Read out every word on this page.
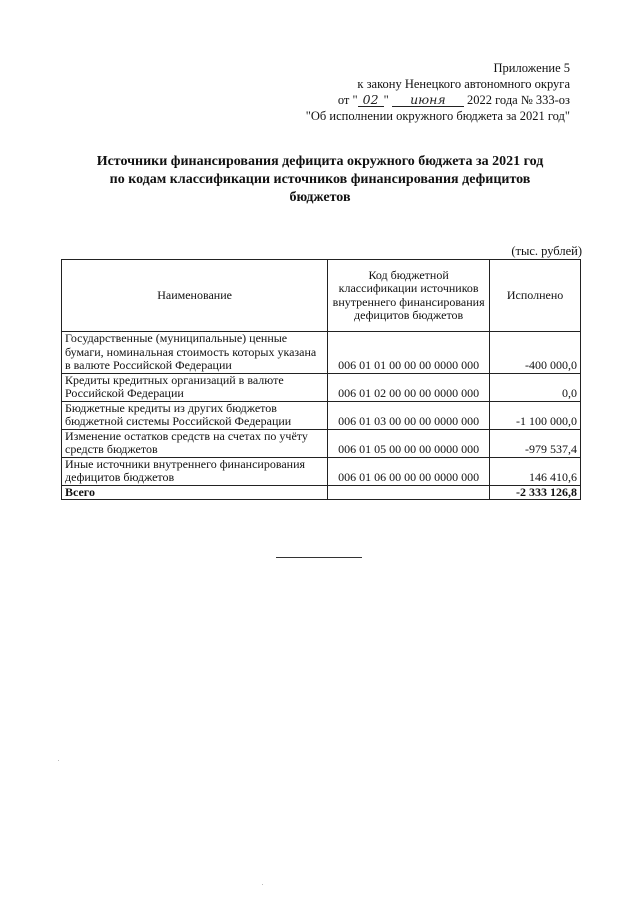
Приложение 5
к закону Ненецкого автономного округа
от " 02 " июня 2022 года № 333-оз
"Об исполнении окружного бюджета за 2021 год"
Источники финансирования дефицита окружного бюджета за 2021 год
по кодам классификации источников финансирования дефицитов
бюджетов
(тыс. рублей)
Наименование	Код бюджетной классификации источников внутреннего финансирования дефицитов бюджетов	Исполнено
Государственные (муниципальные) ценные бумаги, номинальная стоимость которых указана в валюте Российской Федерации	006 01 01 00 00 00 0000 000	-400 000,0
Кредиты кредитных организаций в валюте Российской Федерации	006 01 02 00 00 00 0000 000	0,0
Бюджетные кредиты из других бюджетов бюджетной системы Российской Федерации	006 01 03 00 00 00 0000 000	-1 100 000,0
Изменение остатков средств на счетах по учёту средств бюджетов	006 01 05 00 00 00 0000 000	-979 537,4
Иные источники внутреннего финансирования дефицитов бюджетов	006 01 06 00 00 00 0000 000	146 410,6
Всего		-2 333 126,8
